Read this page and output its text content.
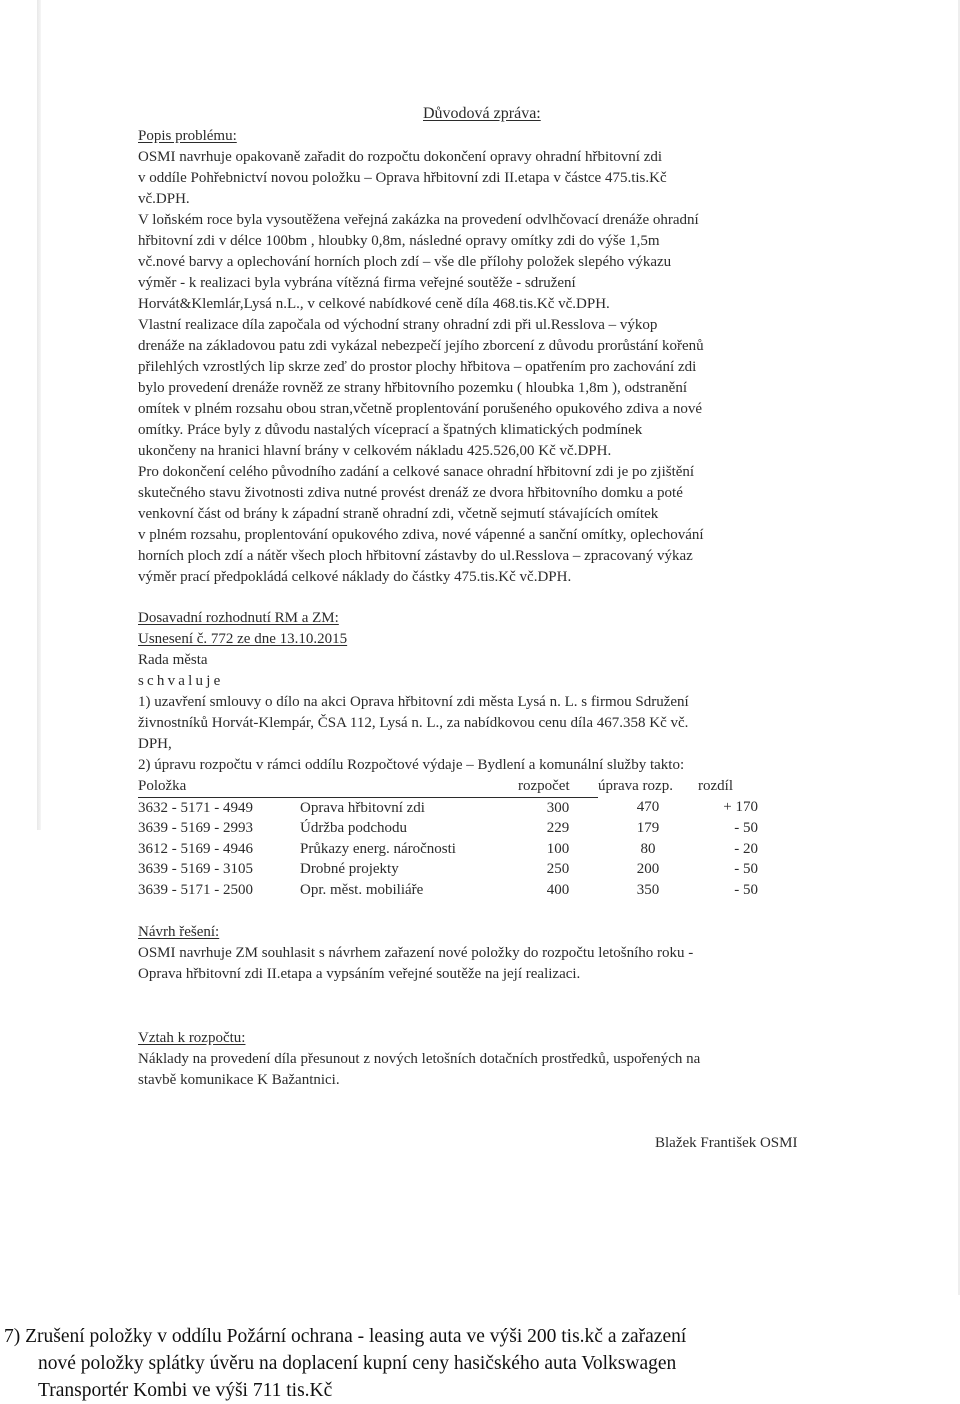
Důvodová zpráva:
Popis problému:
OSMI navrhuje opakovaně zařadit do rozpočtu dokončení opravy ohradní hřbitovní zdi
v oddíle Pohřebnictví novou položku – Oprava hřbitovní zdi II.etapa v částce 475.tis.Kč
vč.DPH.
V loňském roce byla vysoutěžena veřejná zakázka na provedení odvlhčovací drenáže ohradní
hřbitovní zdi v délce 100bm , hloubky 0,8m, následné opravy omítky zdi do výše 1,5m
vč.nové barvy a oplechování horních ploch zdí – vše dle přílohy položek slepého výkazu
výměr - k realizaci byla vybrána vítězná firma veřejné soutěže - sdružení
Horvát&Klemlár,Lysá n.L., v celkové nabídkové ceně díla 468.tis.Kč vč.DPH.
Vlastní realizace díla započala od východní strany ohradní zdi při ul.Resslova – výkop
drenáže na základovou patu zdi vykázal nebezpečí jejího zborcení z důvodu prorůstání kořenů
přilehlých vzrostlých lip skrze zeď do prostor plochy hřbitova – opatřením pro zachování zdi
bylo provedení drenáže rovněž ze strany hřbitovního pozemku ( hloubka 1,8m ), odstranění
omítek v plném rozsahu obou stran,včetně proplentování porušeného opukového zdiva a nové
omítky. Práce byly z důvodu nastalých víceprací a špatných klimatických podmínek
ukončeny na hranici hlavní brány v celkovém nákladu 425.526,00 Kč vč.DPH.
Pro dokončení celého původního zadání a celkové sanace ohradní hřbitovní zdi je po zjištění
skutečného stavu životnosti zdiva nutné provést drenáž ze dvora hřbitovního domku a poté
venkovní část od brány k západní straně ohradní zdi, včetně sejmutí stávajících omítek
v plném rozsahu, proplentování opukového zdiva, nové vápenné a sanční omítky, oplechování
horních ploch zdí a nátěr všech ploch hřbitovní zástavby do ul.Resslova – zpracovaný výkaz
výměr prací předpokládá celkové náklady do částky 475.tis.Kč vč.DPH.
Dosavadní rozhodnutí RM a ZM:
Usnesení č. 772 ze dne 13.10.2015
Rada města
schvaluje
1) uzavření smlouvy o dílo na akci Oprava hřbitovní zdi města Lysá n. L. s firmou Sdružení
živnostníků Horvát-Klempár, ČSA 112, Lysá n. L., za nabídkovou cenu díla 467.358 Kč vč.
DPH,
2) úpravu rozpočtu v rámci oddílu Rozpočtové výdaje – Bydlení a komunální služby takto:
Položka		rozpočet	úprava rozp.	rozdíl
3632 - 5171 - 4949	Oprava hřbitovní zdi	300	470	+ 170
3639 - 5169 - 2993	Údržba podchodu	229	179	- 50
3612 - 5169 - 4946	Průkazy energ. náročnosti	100	80	- 20
3639 - 5169 - 3105	Drobné projekty	250	200	- 50
3639 - 5171 - 2500	Opr. měst. mobiliáře	400	350	- 50
Návrh řešení:
OSMI navrhuje ZM souhlasit s návrhem zařazení nové položky do rozpočtu letošního roku -
Oprava hřbitovní zdi II.etapa a vypsáním veřejné soutěže na její realizaci.
Vztah k rozpočtu:
Náklady na provedení díla přesunout z nových letošních dotačních prostředků, uspořených na
stavbě komunikace K Bažantnici.
Blažek František OSMI
7) Zrušení položky v oddílu Požární ochrana - leasing auta ve výši 200 tis.kč a zařazení
nové položky splátky úvěru na doplacení kupní ceny hasičského auta Volkswagen
Transportér Kombi ve výši 711 tis.Kč
